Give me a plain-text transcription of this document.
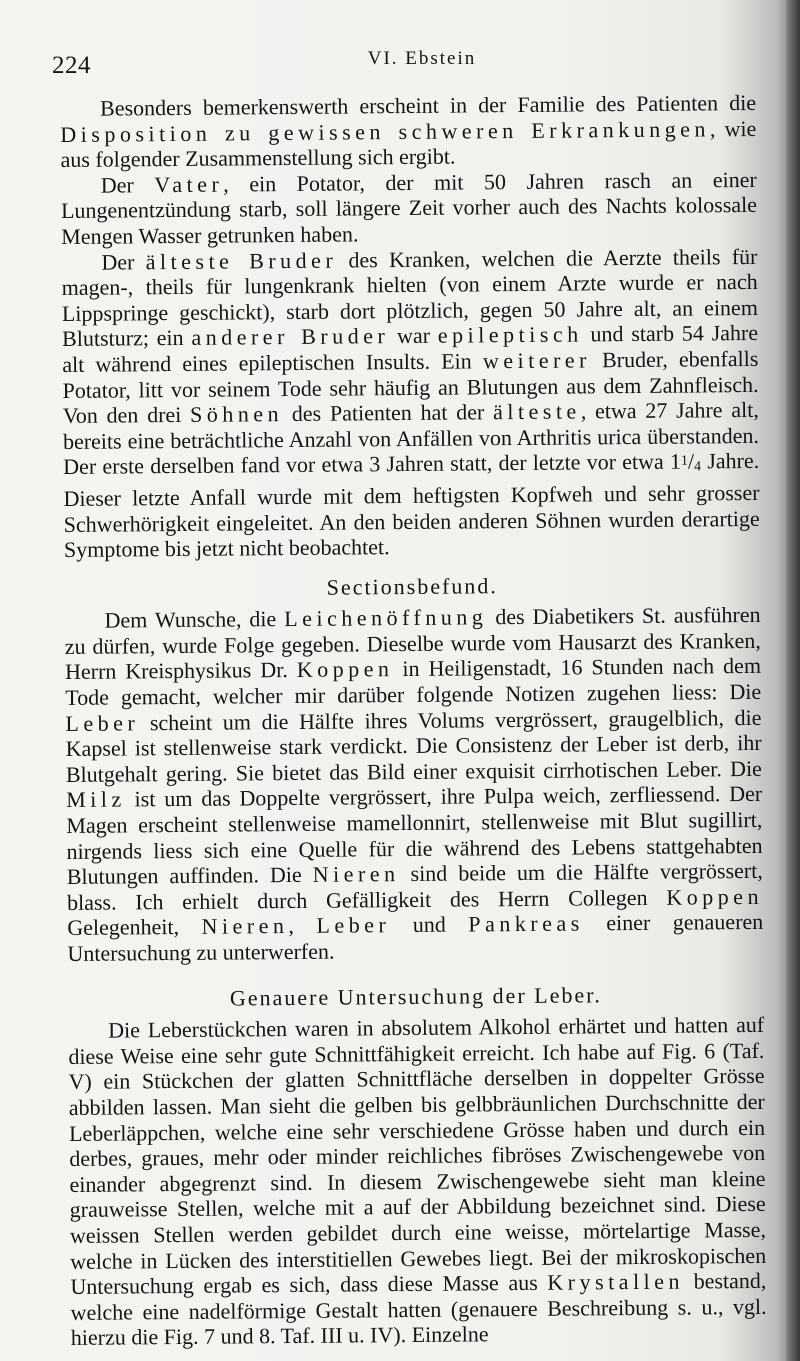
224	VI. Ebstein

Besonders bemerkenswerth erscheint in der Familie des Patienten die Disposition zu gewissen schweren Erkrankungen, wie aus folgender Zusammenstellung sich ergibt.

Der Vater, ein Potator, der mit 50 Jahren rasch an einer Lungenentzündung starb, soll längere Zeit vorher auch des Nachts kolossale Mengen Wasser getrunken haben.

Der älteste Bruder des Kranken, welchen die Aerzte theils für magen-, theils für lungenkrank hielten (von einem Arzte wurde er nach Lippspringe geschickt), starb dort plötzlich, gegen 50 Jahre alt, an einem Blutsturz; ein anderer Bruder war epileptisch und starb 54 Jahre alt während eines epileptischen Insults. Ein weiterer Bruder, ebenfalls Potator, litt vor seinem Tode sehr häufig an Blutungen aus dem Zahnfleisch. Von den drei Söhnen des Patienten hat der älteste, etwa 27 Jahre alt, bereits eine beträchtliche Anzahl von Anfällen von Arthritis urica überstanden. Der erste derselben fand vor etwa 3 Jahren statt, der letzte vor etwa 11/4 Jahre. Dieser letzte Anfall wurde mit dem heftigsten Kopfweh und sehr grosser Schwerhörigkeit eingeleitet. An den beiden anderen Söhnen wurden derartige Symptome bis jetzt nicht beobachtet.

Sectionsbefund.

Dem Wunsche, die Leichenöffnung des Diabetikers St. ausführen zu dürfen, wurde Folge gegeben. Dieselbe wurde vom Hausarzt des Kranken, Herrn Kreisphysikus Dr. Koppen in Heiligenstadt, 16 Stunden nach dem Tode gemacht, welcher mir darüber folgende Notizen zugehen liess: Die Leber scheint um die Hälfte ihres Volums vergrössert, graugelblich, die Kapsel ist stellenweise stark verdickt. Die Consistenz der Leber ist derb, ihr Blutgehalt gering. Sie bietet das Bild einer exquisit cirrhotischen Leber. Die Milz ist um das Doppelte vergrössert, ihre Pulpa weich, zerfliessend. Der Magen erscheint stellenweise mamellonnirt, stellenweise mit Blut sugillirt, nirgends liess sich eine Quelle für die während des Lebens stattgehabten Blutungen auffinden. Die Nieren sind beide um die Hälfte vergrössert, blass. Ich erhielt durch Gefälligkeit des Herrn Collegen Koppen Gelegenheit, Nieren, Leber und Pankreas einer genaueren Untersuchung zu unterwerfen.

Genauere Untersuchung der Leber.

Die Leberstückchen waren in absolutem Alkohol erhärtet und hatten auf diese Weise eine sehr gute Schnittfähigkeit erreicht. Ich habe auf Fig. 6 (Taf. V) ein Stückchen der glatten Schnittfläche derselben in doppelter Grösse abbilden lassen. Man sieht die gelben bis gelbbräunlichen Durchschnitte der Leberläppchen, welche eine sehr verschiedene Grösse haben und durch ein derbes, graues, mehr oder minder reichliches fibröses Zwischengewebe von einander abgegrenzt sind. In diesem Zwischengewebe sieht man kleine grauweisse Stellen, welche mit a auf der Abbildung bezeichnet sind. Diese weissen Stellen werden gebildet durch eine weisse, mörtelartige Masse, welche in Lücken des interstitiellen Gewebes liegt. Bei der mikroskopischen Untersuchung ergab es sich, dass diese Masse aus Krystallen bestand, welche eine nadelförmige Gestalt hatten (genauere Beschreibung s. u., vgl. hierzu die Fig. 7 und 8. Taf. III u. IV). Einzelne
